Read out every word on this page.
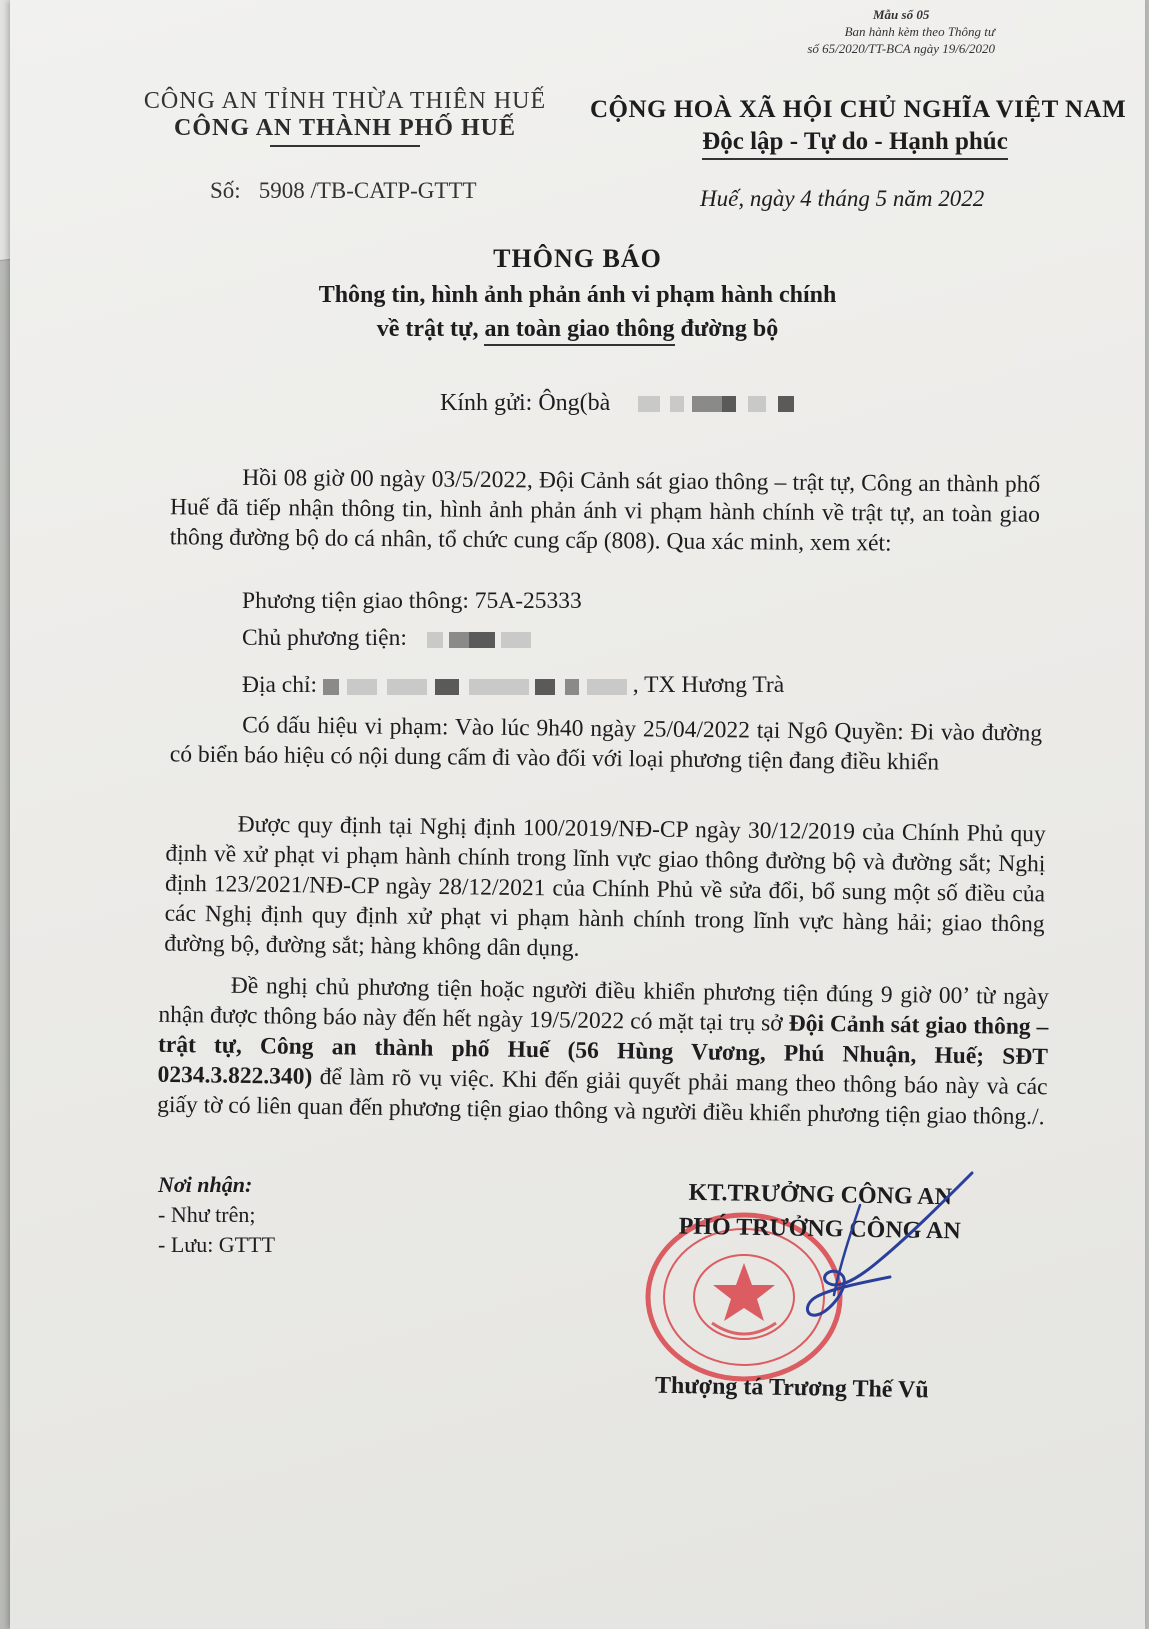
Mẫu số 05
Ban hành kèm theo Thông tư
số 65/2020/TT-BCA ngày 19/6/2020
CÔNG AN TỈNH THỪA THIÊN HUẾ
CÔNG AN THÀNH PHỐ HUẾ
CỘNG HOÀ XÃ HỘI CHỦ NGHĨA VIỆT NAM
Độc lập - Tự do - Hạnh phúc
Số: 5908 /TB-CATP-GTTT	Huế, ngày 4 tháng 5 năm 2022
THÔNG BÁO
Thông tin, hình ảnh phản ánh vi phạm hành chính
về trật tự, an toàn giao thông đường bộ
Kính gửi: Ông(bà
Hồi 08 giờ 00 ngày 03/5/2022, Đội Cảnh sát giao thông – trật tự, Công an thành phố Huế đã tiếp nhận thông tin, hình ảnh phản ánh vi phạm hành chính về trật tự, an toàn giao thông đường bộ do cá nhân, tổ chức cung cấp (808). Qua xác minh, xem xét:
Phương tiện giao thông: 75A-25333
Chủ phương tiện:
Địa chỉ:	, TX Hương Trà
Có dấu hiệu vi phạm: Vào lúc 9h40 ngày 25/04/2022 tại Ngô Quyền: Đi vào đường có biển báo hiệu có nội dung cấm đi vào đối với loại phương tiện đang điều khiển
Được quy định tại Nghị định 100/2019/NĐ-CP ngày 30/12/2019 của Chính Phủ quy định về xử phạt vi phạm hành chính trong lĩnh vực giao thông đường bộ và đường sắt; Nghị định 123/2021/NĐ-CP ngày 28/12/2021 của Chính Phủ về sửa đổi, bổ sung một số điều của các Nghị định quy định xử phạt vi phạm hành chính trong lĩnh vực hàng hải; giao thông đường bộ, đường sắt; hàng không dân dụng.
Đề nghị chủ phương tiện hoặc người điều khiển phương tiện đúng 9 giờ 00’ từ ngày nhận được thông báo này đến hết ngày 19/5/2022 có mặt tại trụ sở Đội Cảnh sát giao thông – trật tự, Công an thành phố Huế (56 Hùng Vương, Phú Nhuận, Huế; SĐT 0234.3.822.340) để làm rõ vụ việc. Khi đến giải quyết phải mang theo thông báo này và các giấy tờ có liên quan đến phương tiện giao thông và người điều khiển phương tiện giao thông./.
Nơi nhận:
- Như trên;
- Lưu: GTTT
KT.TRƯỞNG CÔNG AN
PHÓ TRƯỞNG CÔNG AN
Thượng tá Trương Thế Vũ
